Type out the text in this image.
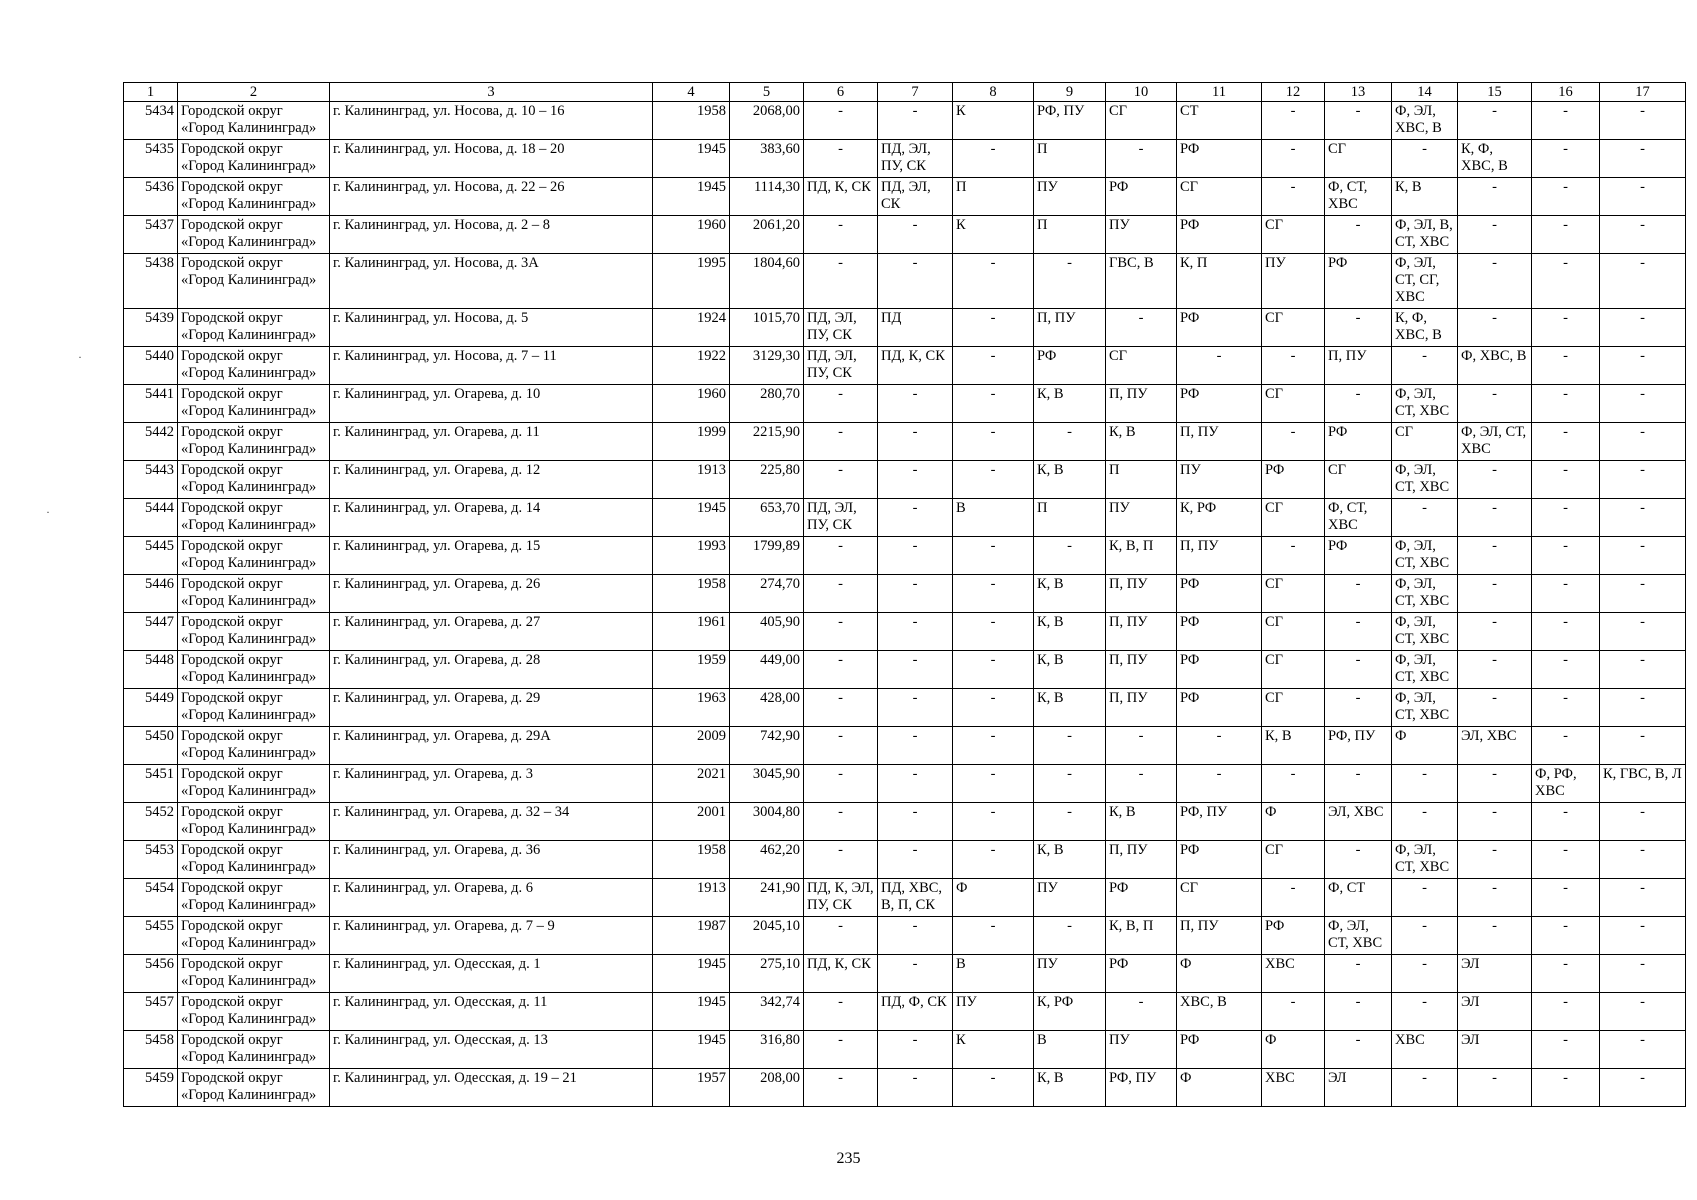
1	2	3	4	5	6	7	8	9	10	11	12	13	14	15	16	17
5434	Городской округ «Город Калининград»	г. Калининград, ул. Носова, д. 10 – 16	1958	2068,00	-	-	К	РФ, ПУ	СГ	СТ	-	-	Ф, ЭЛ, ХВС, В	-	-	-
5435	Городской округ «Город Калининград»	г. Калининград, ул. Носова, д. 18 – 20	1945	383,60	-	ПД, ЭЛ, ПУ, СК	-	П	-	РФ	-	СГ	-	К, Ф, ХВС, В	-	-
5436	Городской округ «Город Калининград»	г. Калининград, ул. Носова, д. 22 – 26	1945	1114,30	ПД, К, СК	ПД, ЭЛ, СК	П	ПУ	РФ	СГ	-	Ф, СТ, ХВС	К, В	-	-	-
5437	Городской округ «Город Калининград»	г. Калининград, ул. Носова, д. 2 – 8	1960	2061,20	-	-	К	П	ПУ	РФ	СГ	-	Ф, ЭЛ, В, СТ, ХВС	-	-	-
5438	Городской округ «Город Калининград»	г. Калининград, ул. Носова, д. 3А	1995	1804,60	-	-	-	-	ГВС, В	К, П	ПУ	РФ	Ф, ЭЛ, СТ, СГ, ХВС	-	-	-
5439	Городской округ «Город Калининград»	г. Калининград, ул. Носова, д. 5	1924	1015,70	ПД, ЭЛ, ПУ, СК	ПД	-	П, ПУ	-	РФ	СГ	-	К, Ф, ХВС, В	-	-	-
5440	Городской округ «Город Калининград»	г. Калининград, ул. Носова, д. 7 – 11	1922	3129,30	ПД, ЭЛ, ПУ, СК	ПД, К, СК	-	РФ	СГ	-	-	П, ПУ	-	Ф, ХВС, В	-	-
5441	Городской округ «Город Калининград»	г. Калининград, ул. Огарева, д. 10	1960	280,70	-	-	-	К, В	П, ПУ	РФ	СГ	-	Ф, ЭЛ, СТ, ХВС	-	-	-
5442	Городской округ «Город Калининград»	г. Калининград, ул. Огарева, д. 11	1999	2215,90	-	-	-	-	К, В	П, ПУ	-	РФ	СГ	Ф, ЭЛ, СТ, ХВС	-	-
5443	Городской округ «Город Калининград»	г. Калининград, ул. Огарева, д. 12	1913	225,80	-	-	-	К, В	П	ПУ	РФ	СГ	Ф, ЭЛ, СТ, ХВС	-	-	-
5444	Городской округ «Город Калининград»	г. Калининград, ул. Огарева, д. 14	1945	653,70	ПД, ЭЛ, ПУ, СК	-	В	П	ПУ	К, РФ	СГ	Ф, СТ, ХВС	-	-	-	-
5445	Городской округ «Город Калининград»	г. Калининград, ул. Огарева, д. 15	1993	1799,89	-	-	-	-	К, В, П	П, ПУ	-	РФ	Ф, ЭЛ, СТ, ХВС	-	-	-
5446	Городской округ «Город Калининград»	г. Калининград, ул. Огарева, д. 26	1958	274,70	-	-	-	К, В	П, ПУ	РФ	СГ	-	Ф, ЭЛ, СТ, ХВС	-	-	-
5447	Городской округ «Город Калининград»	г. Калининград, ул. Огарева, д. 27	1961	405,90	-	-	-	К, В	П, ПУ	РФ	СГ	-	Ф, ЭЛ, СТ, ХВС	-	-	-
5448	Городской округ «Город Калининград»	г. Калининград, ул. Огарева, д. 28	1959	449,00	-	-	-	К, В	П, ПУ	РФ	СГ	-	Ф, ЭЛ, СТ, ХВС	-	-	-
5449	Городской округ «Город Калининград»	г. Калининград, ул. Огарева, д. 29	1963	428,00	-	-	-	К, В	П, ПУ	РФ	СГ	-	Ф, ЭЛ, СТ, ХВС	-	-	-
5450	Городской округ «Город Калининград»	г. Калининград, ул. Огарева, д. 29А	2009	742,90	-	-	-	-	-	-	К, В	РФ, ПУ	Ф	ЭЛ, ХВС	-	-
5451	Городской округ «Город Калининград»	г. Калининград, ул. Огарева, д. 3	2021	3045,90	-	-	-	-	-	-	-	-	-	-	Ф, РФ, ХВС	К, ГВС, В, Л
5452	Городской округ «Город Калининград»	г. Калининград, ул. Огарева, д. 32 – 34	2001	3004,80	-	-	-	-	К, В	РФ, ПУ	Ф	ЭЛ, ХВС	-	-	-	-
5453	Городской округ «Город Калининград»	г. Калининград, ул. Огарева, д. 36	1958	462,20	-	-	-	К, В	П, ПУ	РФ	СГ	-	Ф, ЭЛ, СТ, ХВС	-	-	-
5454	Городской округ «Город Калининград»	г. Калининград, ул. Огарева, д. 6	1913	241,90	ПД, К, ЭЛ, ПУ, СК	ПД, ХВС, В, П, СК	Ф	ПУ	РФ	СГ	-	Ф, СТ	-	-	-	-
5455	Городской округ «Город Калининград»	г. Калининград, ул. Огарева, д. 7 – 9	1987	2045,10	-	-	-	-	К, В, П	П, ПУ	РФ	Ф, ЭЛ, СТ, ХВС	-	-	-	-
5456	Городской округ «Город Калининград»	г. Калининград, ул. Одесская, д. 1	1945	275,10	ПД, К, СК	-	В	ПУ	РФ	Ф	ХВС	-	-	ЭЛ	-	-
5457	Городской округ «Город Калининград»	г. Калининград, ул. Одесская, д. 11	1945	342,74	-	ПД, Ф, СК	ПУ	К, РФ	-	ХВС, В	-	-	-	ЭЛ	-	-
5458	Городской округ «Город Калининград»	г. Калининград, ул. Одесская, д. 13	1945	316,80	-	-	К	В	ПУ	РФ	Ф	-	ХВС	ЭЛ	-	-
5459	Городской округ «Город Калининград»	г. Калининград, ул. Одесская, д. 19 – 21	1957	208,00	-	-	-	К, В	РФ, ПУ	Ф	ХВС	ЭЛ	-	-	-	-
235
·
·
